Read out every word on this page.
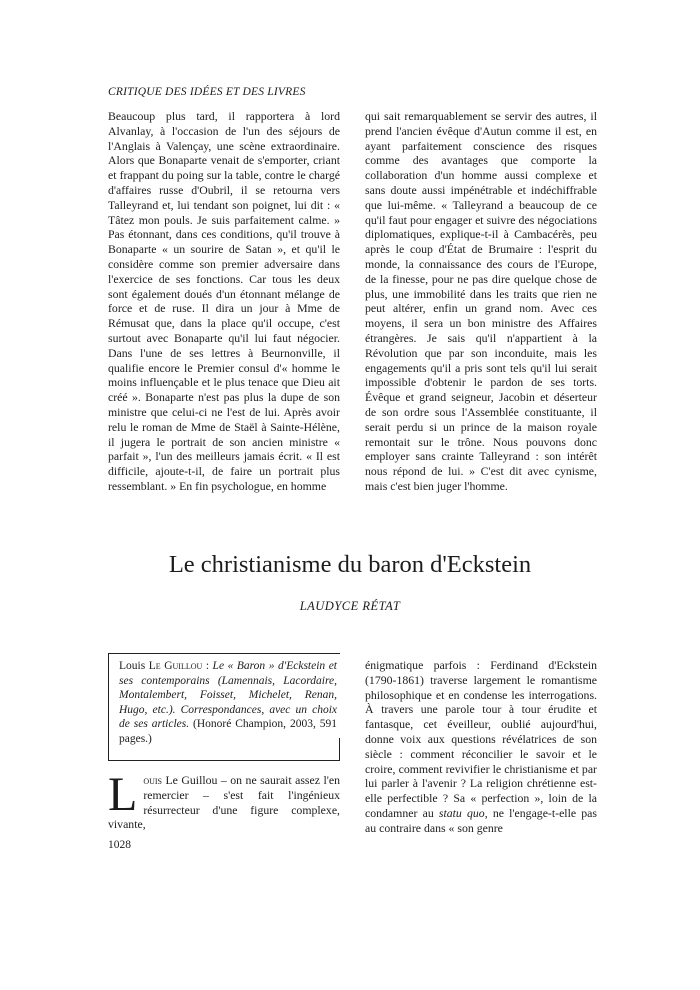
CRITIQUE DES IDÉES ET DES LIVRES

Beaucoup plus tard, il rapportera à lord Alvanlay, à l'occasion de l'un des séjours de l'Anglais à Valençay, une scène extraordinaire. Alors que Bonaparte venait de s'emporter, criant et frappant du poing sur la table, contre le chargé d'affaires russe d'Oubril, il se retourna vers Talleyrand et, lui tendant son poignet, lui dit : « Tâtez mon pouls. Je suis parfaitement calme. » Pas étonnant, dans ces conditions, qu'il trouve à Bonaparte « un sourire de Satan », et qu'il le considère comme son premier adversaire dans l'exercice de ses fonctions. Car tous les deux sont également doués d'un étonnant mélange de force et de ruse. Il dira un jour à Mme de Rémusat que, dans la place qu'il occupe, c'est surtout avec Bonaparte qu'il lui faut négocier. Dans l'une de ses lettres à Beurnonville, il qualifie encore le Premier consul d'« homme le moins influençable et le plus tenace que Dieu ait créé ». Bonaparte n'est pas plus la dupe de son ministre que celui-ci ne l'est de lui. Après avoir relu le roman de Mme de Staël à Sainte-Hélène, il jugera le portrait de son ancien ministre « parfait », l'un des meilleurs jamais écrit. « Il est difficile, ajoute-t-il, de faire un portrait plus ressemblant. » En fin psychologue, en homme

qui sait remarquablement se servir des autres, il prend l'ancien évêque d'Autun comme il est, en ayant parfaitement conscience des risques comme des avantages que comporte la collaboration d'un homme aussi complexe et sans doute aussi impénétrable et indéchiffrable que lui-même. « Talleyrand a beaucoup de ce qu'il faut pour engager et suivre des négociations diplomatiques, explique-t-il à Cambacérès, peu après le coup d'État de Brumaire : l'esprit du monde, la connaissance des cours de l'Europe, de la finesse, pour ne pas dire quelque chose de plus, une immobilité dans les traits que rien ne peut altérer, enfin un grand nom. Avec ces moyens, il sera un bon ministre des Affaires étrangères. Je sais qu'il n'appartient à la Révolution que par son inconduite, mais les engagements qu'il a pris sont tels qu'il lui serait impossible d'obtenir le pardon de ses torts. Évêque et grand seigneur, Jacobin et déserteur de son ordre sous l'Assemblée constituante, il serait perdu si un prince de la maison royale remontait sur le trône. Nous pouvons donc employer sans crainte Talleyrand : son intérêt nous répond de lui. » C'est dit avec cynisme, mais c'est bien juger l'homme.

Le christianisme du baron d'Eckstein

LAUDYCE RÉTAT

Louis Le Guillou : Le « Baron » d'Eckstein et ses contemporains (Lamennais, Lacordaire, Montalembert, Foisset, Michelet, Renan, Hugo, etc.). Correspondances, avec un choix de ses articles. (Honoré Champion, 2003, 591 pages.)

Louis Le Guillou – on ne saurait assez l'en remercier – s'est fait l'ingénieux résurrecteur d'une figure complexe, vivante,

énigmatique parfois : Ferdinand d'Eckstein (1790-1861) traverse largement le romantisme philosophique et en condense les interrogations. À travers une parole tour à tour érudite et fantasque, cet éveilleur, oublié aujourd'hui, donne voix aux questions révélatrices de son siècle : comment réconcilier le savoir et le croire, comment revivifier le christianisme et par lui parler à l'avenir ? La religion chrétienne est-elle perfectible ? Sa « perfection », loin de la condamner au statu quo, ne l'engage-t-elle pas au contraire dans « son genre

1028
